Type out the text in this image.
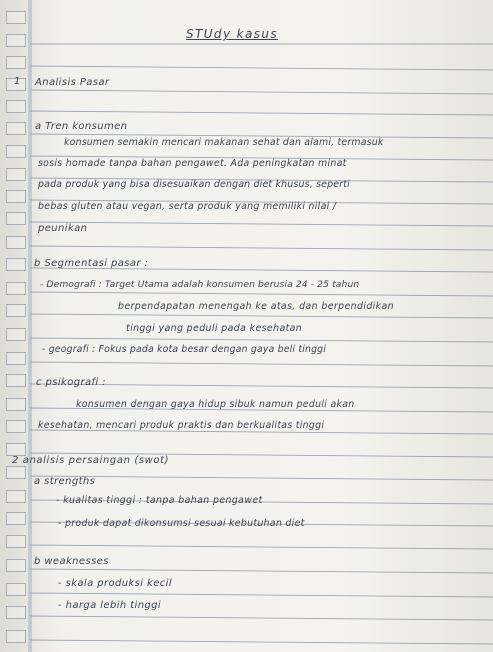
1
STUdy kasus
Analisis Pasar
a Tren konsumen
konsumen semakin mencari makanan sehat dan alami, termasuk
sosis homade tanpa bahan pengawet. Ada peningkatan minat
pada produk yang bisa disesuaikan dengan diet khusus, seperti
bebas gluten atau vegan, serta produk yang memiliki nilai /
peunikan
b Segmentasi pasar :
- Demografi : Target Utama adalah konsumen berusia 24 - 25 tahun
berpendapatan menengah ke atas, dan berpendidikan
tinggi yang peduli pada kesehatan
- geografi : Fokus pada kota besar dengan gaya beli tinggi
c psikografi :
konsumen dengan gaya hidup sibuk namun peduli akan
kesehatan, mencari produk praktis dan berkualitas tinggi
2 analisis persaingan (swot)
a strengths
- kualitas tinggi : tanpa bahan pengawet
- produk dapat dikonsumsi sesuai kebutuhan diet
b weaknesses
- skala produksi kecil
- harga lebih tinggi
